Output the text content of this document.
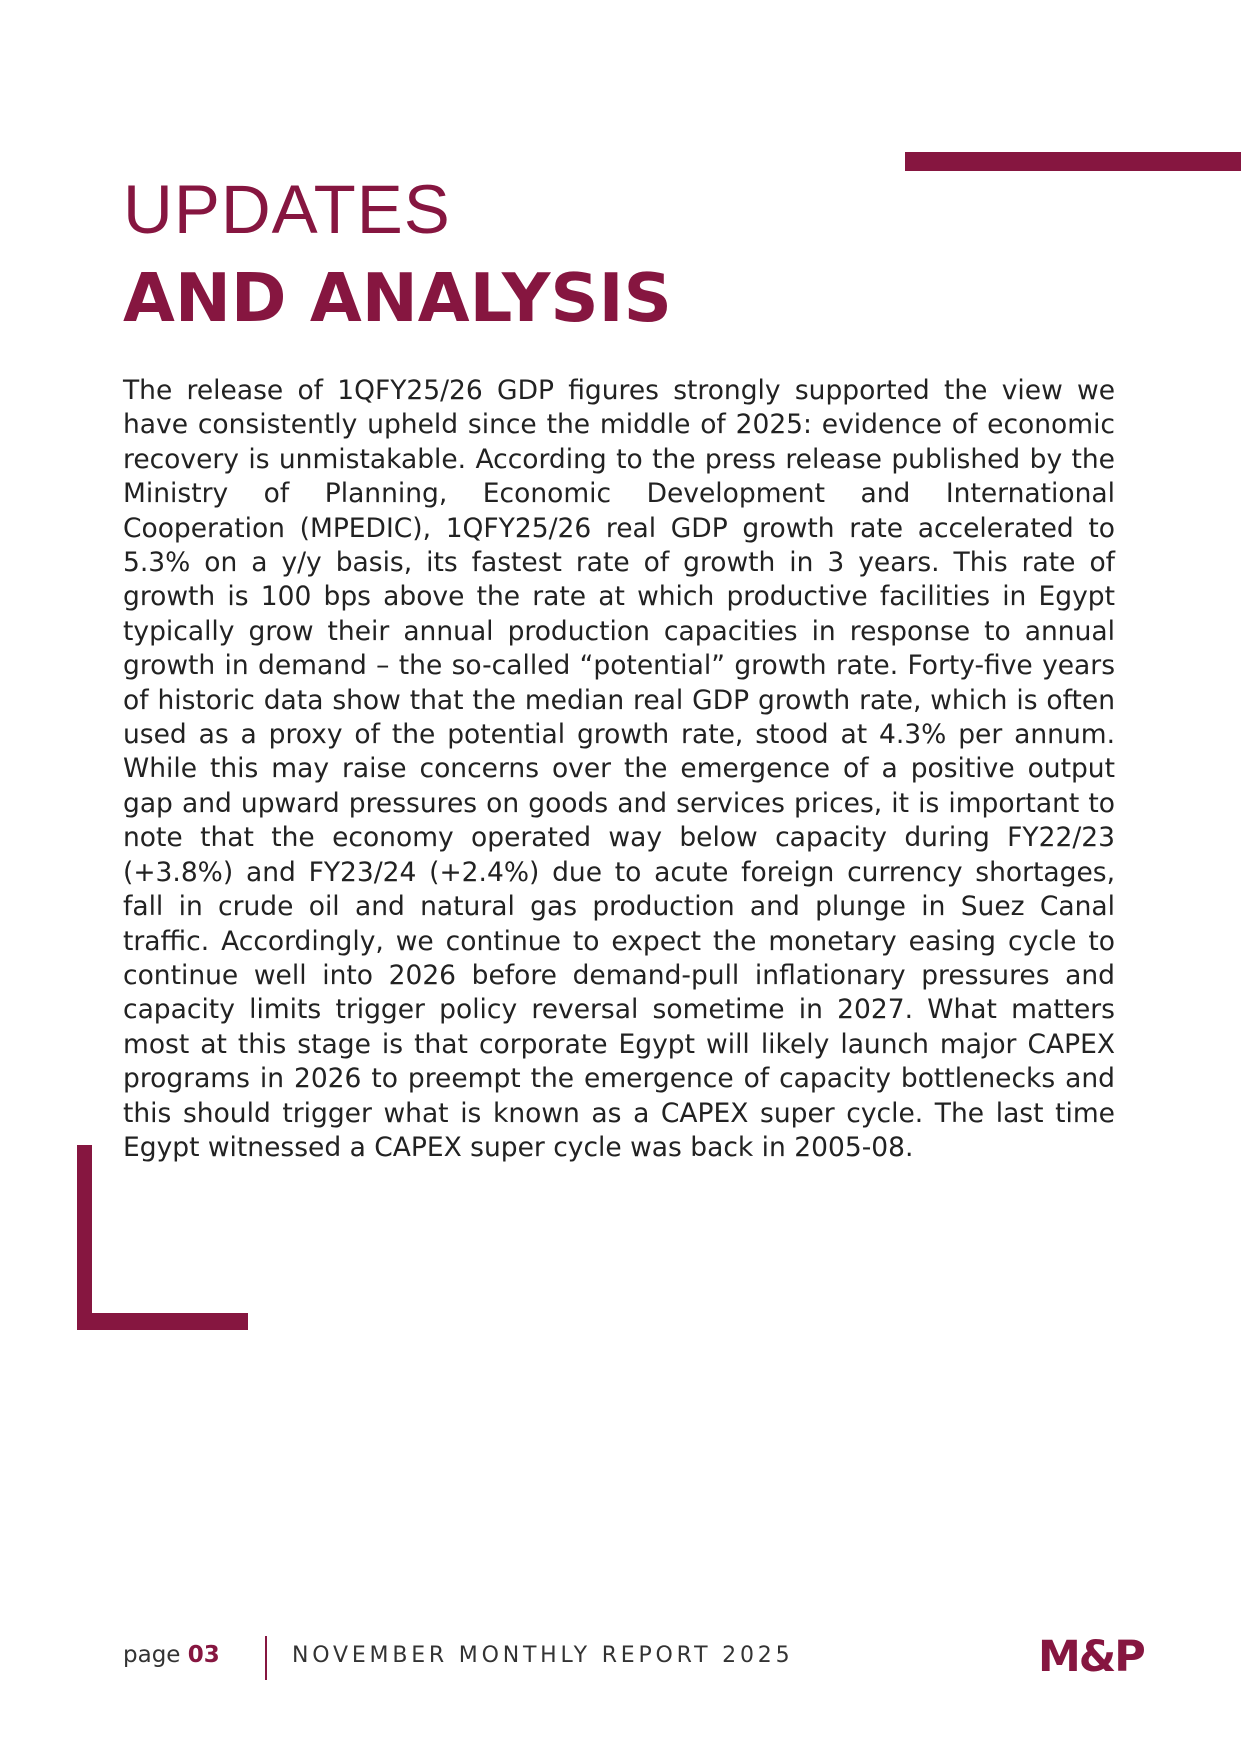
UPDATES
AND ANALYSIS

The release of 1QFY25/26 GDP figures strongly supported the view we have consistently upheld since the middle of 2025: evidence of economic recovery is unmistakable. According to the press release published by the Ministry of Planning, Economic Development and International Cooperation (MPEDIC), 1QFY25/26 real GDP growth rate accelerated to 5.3% on a y/y basis, its fastest rate of growth in 3 years. This rate of growth is 100 bps above the rate at which productive facilities in Egypt typically grow their annual production capacities in response to annual growth in demand – the so-called “potential” growth rate. Forty-five years of historic data show that the median real GDP growth rate, which is often used as a proxy of the potential growth rate, stood at 4.3% per annum. While this may raise concerns over the emergence of a positive output gap and upward pressures on goods and services prices, it is important to note that the economy operated way below capacity during FY22/23 (+3.8%) and FY23/24 (+2.4%) due to acute foreign currency shortages, fall in crude oil and natural gas production and plunge in Suez Canal traffic. Accordingly, we continue to expect the monetary easing cycle to continue well into 2026 before demand-pull inflationary pressures and capacity limits trigger policy reversal sometime in 2027. What matters most at this stage is that corporate Egypt will likely launch major CAPEX programs in 2026 to preempt the emergence of capacity bottlenecks and this should trigger what is known as a CAPEX super cycle. The last time Egypt witnessed a CAPEX super cycle was back in 2005-08.

page 03	NOVEMBER MONTHLY REPORT 2025	M&P
